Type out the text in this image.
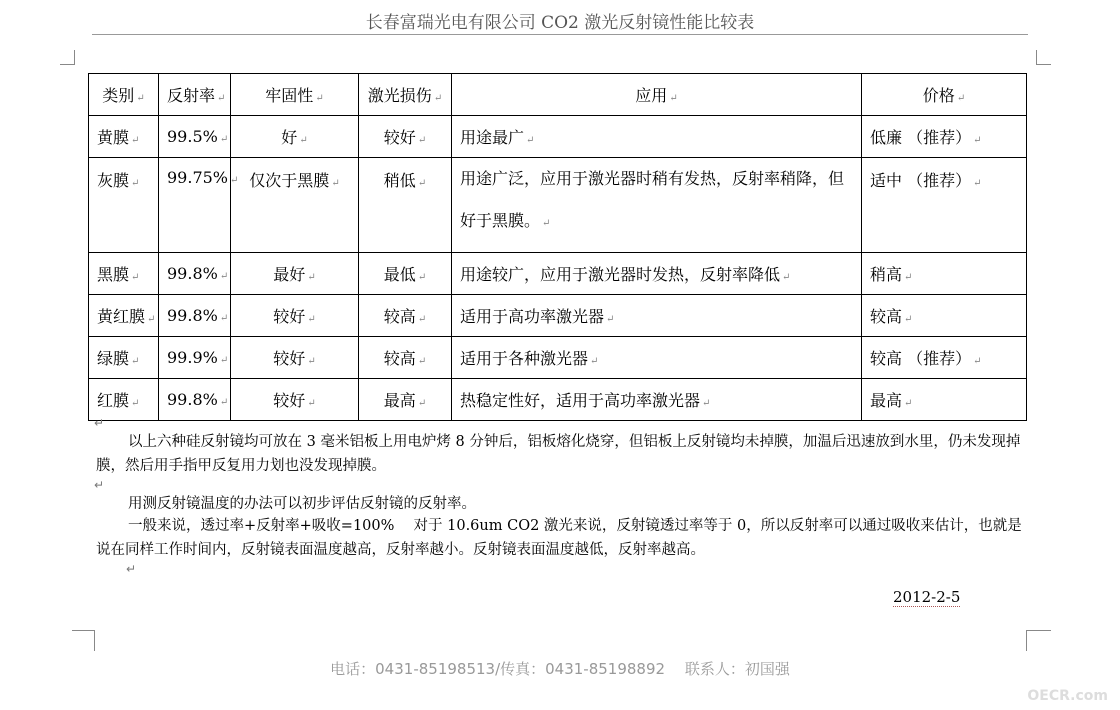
长春富瑞光电有限公司 CO2 激光反射镜性能比较表
类别 ↵	反射率 ↵	牢固性 ↵	激光损伤 ↵	应用 ↵	价格 ↵
黄膜 ↵	99.5% ↵	好 ↵	较好 ↵	用途最广 ↵	低廉 （推荐） ↵
灰膜 ↵	99.75% ↵	仅次于黑膜 ↵	稍低 ↵	用途广泛，应用于激光器时稍有发热，反射率稍降，但好于黑膜。 ↵	适中 （推荐） ↵
黑膜 ↵	99.8% ↵	最好 ↵	最低 ↵	用途较广，应用于激光器时发热，反射率降低 ↵	稍高 ↵
黄红膜 ↵	99.8% ↵	较好 ↵	较高 ↵	适用于高功率激光器 ↵	较高 ↵
绿膜 ↵	99.9% ↵	较好 ↵	较高 ↵	适用于各种激光器 ↵	较高 （推荐） ↵
红膜 ↵	99.8% ↵	较好 ↵	最高 ↵	热稳定性好，适用于高功率激光器 ↵	最高 ↵
↵
以上六种硅反射镜均可放在 3 毫米铝板上用电炉烤 8 分钟后，铝板熔化烧穿，但铝板上反射镜均未掉膜，加温后迅速放到水里，仍未发现掉膜，然后用手指甲反复用力划也没发现掉膜。
↵
用测反射镜温度的办法可以初步评估反射镜的反射率。
一般来说，透过率+反射率+吸收=100%　 对于 10.6um CO2 激光来说，反射镜透过率等于 0，所以反射率可以通过吸收来估计，也就是说在同样工作时间内，反射镜表面温度越高，反射率越小。反射镜表面温度越低，反射率越高。
↵
2012-2-5
电话：0431-85198513/传真：0431-85198892　 联系人：初国强
OECR.com
